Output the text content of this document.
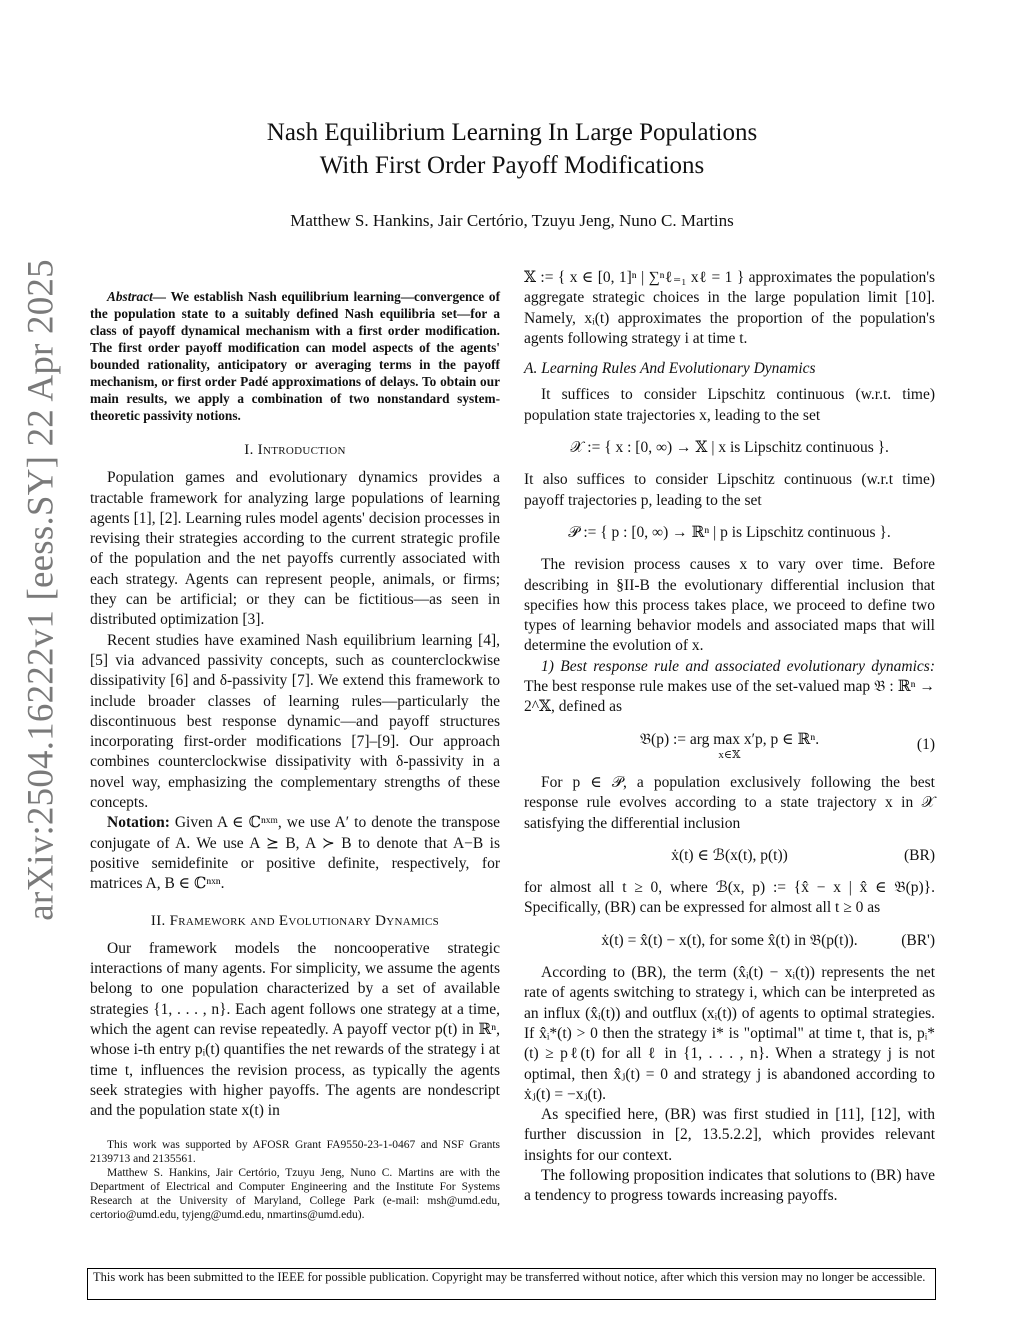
arXiv:2504.16222v1 [eess.SY] 22 Apr 2025
Nash Equilibrium Learning In Large Populations
With First Order Payoff Modifications
Matthew S. Hankins, Jair Certório, Tzuyu Jeng, Nuno C. Martins

Abstract— We establish Nash equilibrium learning—convergence of the population state to a suitably defined Nash equilibria set—for a class of payoff dynamical mechanism with a first order modification. The first order payoff modification can model aspects of the agents' bounded rationality, anticipatory or averaging terms in the payoff mechanism, or first order Padé approximations of delays. To obtain our main results, we apply a combination of two nonstandard system-theoretic passivity notions.

I. Introduction

Population games and evolutionary dynamics provides a tractable framework for analyzing large populations of learning agents [1], [2]. Learning rules model agents' decision processes in revising their strategies according to the current strategic profile of the population and the net payoffs currently associated with each strategy. Agents can represent people, animals, or firms; they can be artificial; or they can be fictitious—as seen in distributed optimization [3].

Recent studies have examined Nash equilibrium learning [4], [5] via advanced passivity concepts, such as counterclockwise dissipativity [6] and δ-passivity [7]. We extend this framework to include broader classes of learning rules—particularly the discontinuous best response dynamic—and payoff structures incorporating first-order modifications [7]–[9]. Our approach combines counterclockwise dissipativity with δ-passivity in a novel way, emphasizing the complementary strengths of these concepts.

Notation: Given A ∈ ℂⁿˣᵐ, we use A′ to denote the transpose conjugate of A. We use A ⪰ B, A ≻ B to denote that A−B is positive semidefinite or positive definite, respectively, for matrices A, B ∈ ℂⁿˣⁿ.

II. Framework and Evolutionary Dynamics

Our framework models the noncooperative strategic interactions of many agents. For simplicity, we assume the agents belong to one population characterized by a set of available strategies {1, . . . , n}. Each agent follows one strategy at a time, which the agent can revise repeatedly. A payoff vector p(t) in ℝⁿ, whose i-th entry pᵢ(t) quantifies the net rewards of the strategy i at time t, influences the revision process, as typically the agents seek strategies with higher payoffs. The agents are nondescript and the population state x(t) in

This work was supported by AFOSR Grant FA9550-23-1-0467 and NSF Grants 2139713 and 2135561.

Matthew S. Hankins, Jair Certório, Tzuyu Jeng, Nuno C. Martins are with the Department of Electrical and Computer Engineering and the Institute For Systems Research at the University of Maryland, College Park (e-mail: msh@umd.edu, certorio@umd.edu, tyjeng@umd.edu, nmartins@umd.edu).

𝕏 := { x ∈ [0, 1]ⁿ | ∑ⁿℓ₌₁ xℓ = 1 } approximates the population's aggregate strategic choices in the large population limit [10]. Namely, xᵢ(t) approximates the proportion of the population's agents following strategy i at time t.

A. Learning Rules And Evolutionary Dynamics

It suffices to consider Lipschitz continuous (w.r.t. time) population state trajectories x, leading to the set

𝒳 := { x : [0, ∞) → 𝕏 | x is Lipschitz continuous }.

It also suffices to consider Lipschitz continuous (w.r.t time) payoff trajectories p, leading to the set

𝒫 := { p : [0, ∞) → ℝⁿ | p is Lipschitz continuous }.

The revision process causes x to vary over time. Before describing in §II-B the evolutionary differential inclusion that specifies how this process takes place, we proceed to define two types of learning behavior models and associated maps that will determine the evolution of x.

1) Best response rule and associated evolutionary dynamics: The best response rule makes use of the set-valued map 𝔅 : ℝⁿ → 2^𝕏, defined as

𝔅(p) := arg max x′p, p ∈ ℝⁿ.
x∈𝕏
(1)

For p ∈ 𝒫, a population exclusively following the best response rule evolves according to a state trajectory x in 𝒳 satisfying the differential inclusion

ẋ(t) ∈ ℬ(x(t), p(t))	(BR)

for almost all t ≥ 0, where ℬ(x, p) := {x̂ − x | x̂ ∈ 𝔅(p)}. Specifically, (BR) can be expressed for almost all t ≥ 0 as

ẋ(t) = x̂(t) − x(t), for some x̂(t) in 𝔅(p(t)).	(BR')

According to (BR), the term (x̂ᵢ(t) − xᵢ(t)) represents the net rate of agents switching to strategy i, which can be interpreted as an influx (x̂ᵢ(t)) and outflux (xᵢ(t)) of agents to optimal strategies. If x̂ᵢ*(t) > 0 then the strategy i* is "optimal" at time t, that is, pᵢ*(t) ≥ pℓ(t) for all ℓ in {1, . . . , n}. When a strategy j is not optimal, then x̂ⱼ(t) = 0 and strategy j is abandoned according to ẋⱼ(t) = −xⱼ(t).

As specified here, (BR) was first studied in [11], [12], with further discussion in [2, 13.5.2.2], which provides relevant insights for our context.

The following proposition indicates that solutions to (BR) have a tendency to progress towards increasing payoffs.

This work has been submitted to the IEEE for possible publication. Copyright may be transferred without notice, after which this version may no longer be accessible.
